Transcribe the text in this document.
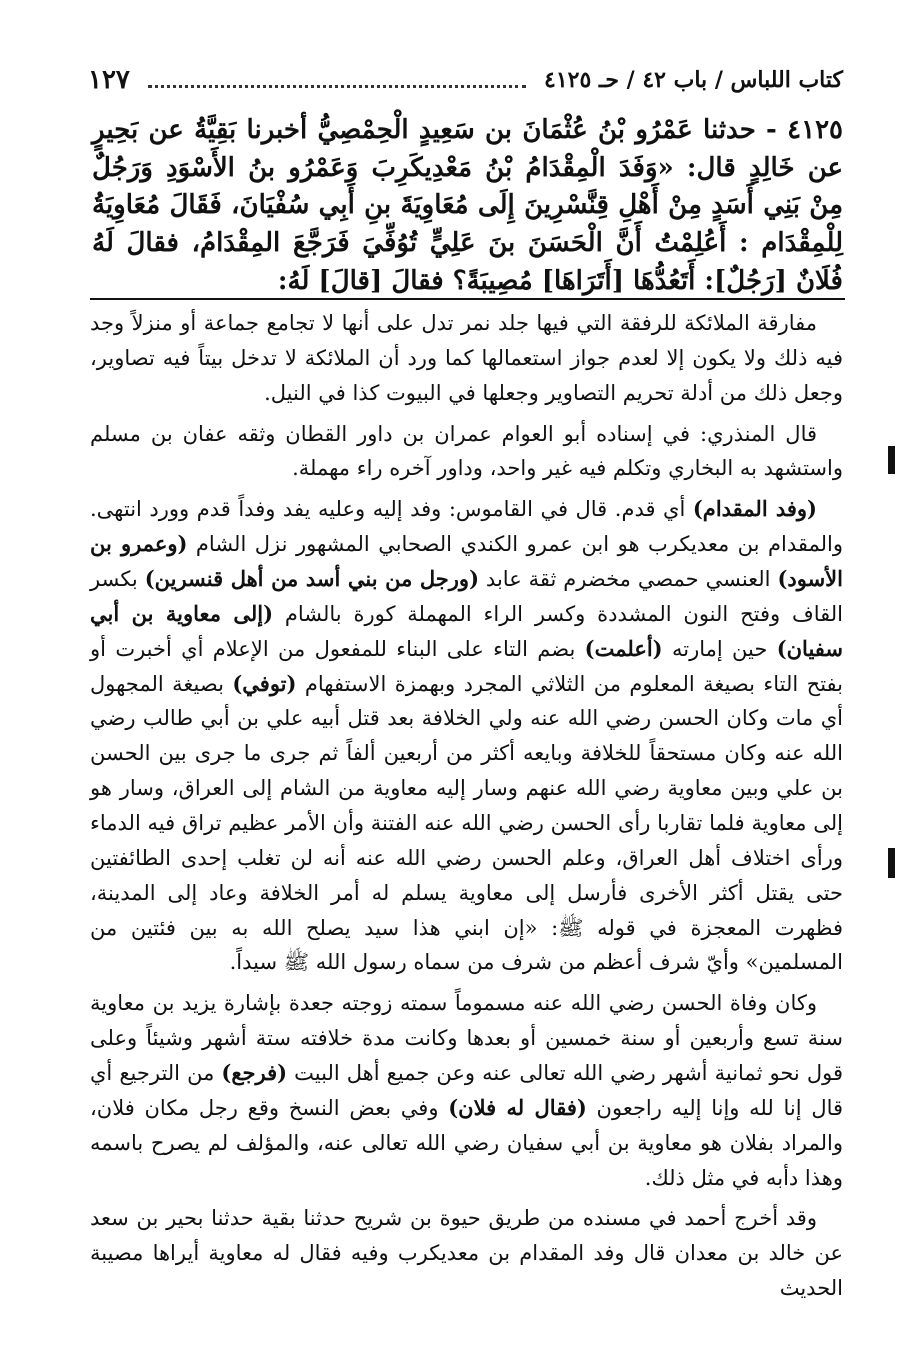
١٢٧	كتاب اللباس / باب ٤٢ / حـ ٤١٢٥
٤١٢٥ - حدثنا عَمْرُو بْنُ عُثْمَانَ بن سَعِيدٍ الْحِمْصِيُّ أخبرنا بَقِيَّةُ عن بَحِيرٍ عن خَالِدٍ قال: «وَفَدَ الْمِقْدَامُ بْنُ مَعْدِيكَرِبَ وَعَمْرُو بنُ الأَسْوَدِ وَرَجُلٌ مِنْ بَنِي أَسَدٍ مِنْ أَهْلِ قِنَّسْرِينَ إِلَى مُعَاوِيَةَ بنِ أَبِي سُفْيَانَ، فَقَالَ مُعَاوِيَةُ لِلْمِقْدَام : أَعُلِمْتُ أَنَّ الْحَسَنَ بنَ عَلِيٍّ تُوُفِّيَ فَرَجَّعَ المِقْدَامُ، فقالَ لَهُ فُلَانٌ [رَجُلٌ]: أَتَعُدُّهَا [أَتَرَاهَا] مُصِيبَةً؟ فقالَ [قالَ] لَهُ:

مفارقة الملائكة للرفقة التي فيها جلد نمر تدل على أنها لا تجامع جماعة أو منزلاً وجد فيه ذلك ولا يكون إلا لعدم جواز استعمالها كما ورد أن الملائكة لا تدخل بيتاً فيه تصاوير، وجعل ذلك من أدلة تحريم التصاوير وجعلها في البيوت كذا في النيل.

قال المنذري: في إسناده أبو العوام عمران بن داور القطان وثقه عفان بن مسلم واستشهد به البخاري وتكلم فيه غير واحد، وداور آخره راء مهملة.

(وفد المقدام) أي قدم. قال في القاموس: وفد إليه وعليه يفد وفداً قدم وورد انتهى. والمقدام بن معديكرب هو ابن عمرو الكندي الصحابي المشهور نزل الشام (وعمرو بن الأسود) العنسي حمصي مخضرم ثقة عابد (ورجل من بني أسد من أهل قنسرين) بكسر القاف وفتح النون المشددة وكسر الراء المهملة كورة بالشام (إلى معاوية بن أبي سفيان) حين إمارته (أعلمت) بضم التاء على البناء للمفعول من الإعلام أي أخبرت أو بفتح التاء بصيغة المعلوم من الثلاثي المجرد وبهمزة الاستفهام (توفي) بصيغة المجهول أي مات وكان الحسن رضي الله عنه ولي الخلافة بعد قتل أبيه علي بن أبي طالب رضي الله عنه وكان مستحقاً للخلافة وبايعه أكثر من أربعين ألفاً ثم جرى ما جرى بين الحسن بن علي وبين معاوية رضي الله عنهم وسار إليه معاوية من الشام إلى العراق، وسار هو إلى معاوية فلما تقاربا رأى الحسن رضي الله عنه الفتنة وأن الأمر عظيم تراق فيه الدماء ورأى اختلاف أهل العراق، وعلم الحسن رضي الله عنه أنه لن تغلب إحدى الطائفتين حتى يقتل أكثر الأخرى فأرسل إلى معاوية يسلم له أمر الخلافة وعاد إلى المدينة، فظهرت المعجزة في قوله ﷺ: «إن ابني هذا سيد يصلح الله به بين فئتين من المسلمين» وأيّ شرف أعظم من شرف من سماه رسول الله ﷺ سيداً.

وكان وفاة الحسن رضي الله عنه مسموماً سمته زوجته جعدة بإشارة يزيد بن معاوية سنة تسع وأربعين أو سنة خمسين أو بعدها وكانت مدة خلافته ستة أشهر وشيئاً وعلى قول نحو ثمانية أشهر رضي الله تعالى عنه وعن جميع أهل البيت (فرجع) من الترجيع أي قال إنا لله وإنا إليه راجعون (فقال له فلان) وفي بعض النسخ وقع رجل مكان فلان، والمراد بفلان هو معاوية بن أبي سفيان رضي الله تعالى عنه، والمؤلف لم يصرح باسمه وهذا دأبه في مثل ذلك.

وقد أخرج أحمد في مسنده من طريق حيوة بن شريح حدثنا بقية حدثنا بحير بن سعد عن خالد بن معدان قال وفد المقدام بن معديكرب وفيه فقال له معاوية أيراها مصيبة الحديث
